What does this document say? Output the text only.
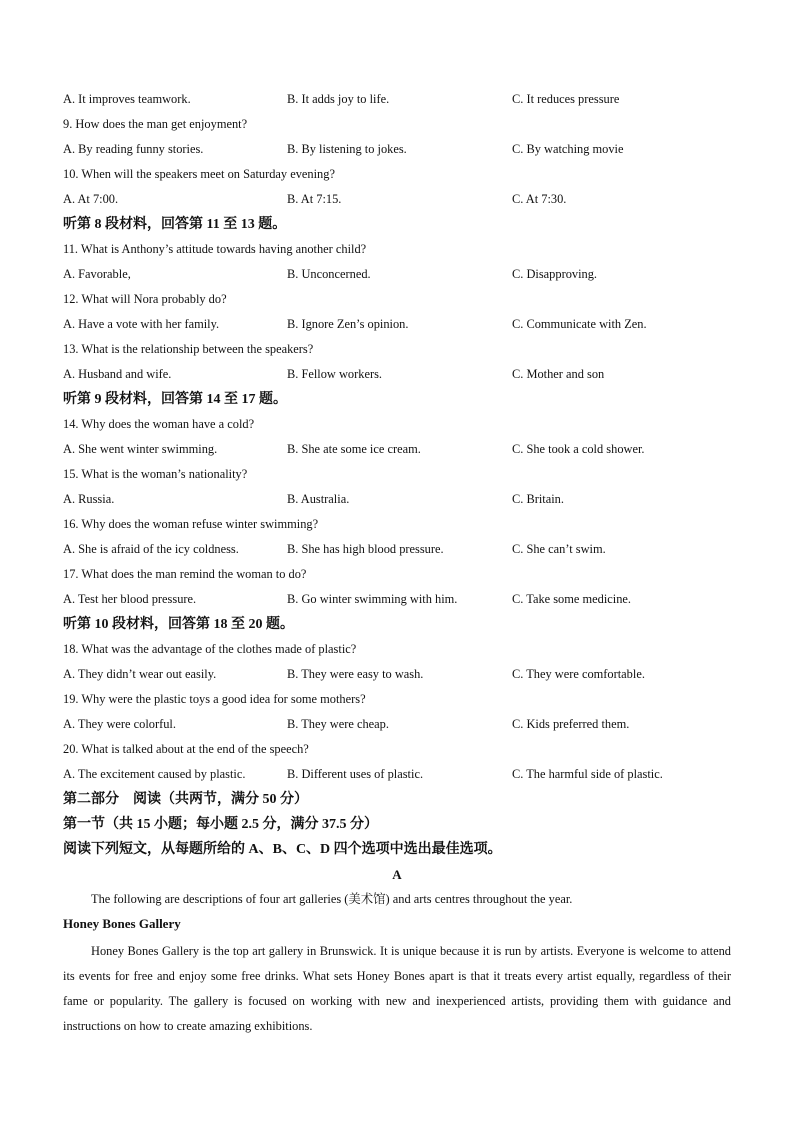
A. It improves teamwork.	B. It adds joy to life.	C. It reduces pressure
9. How does the man get enjoyment?
A. By reading funny stories.	B. By listening to jokes.	C. By watching movie
10. When will the speakers meet on Saturday evening?
A. At 7:00.	B. At 7:15.	C. At 7:30.
听第 8 段材料，回答第 11 至 13 题。
11. What is Anthony’s attitude towards having another child?
A. Favorable,	B. Unconcerned.	C. Disapproving.
12. What will Nora probably do?
A. Have a vote with her family.	B. Ignore Zen’s opinion.	C. Communicate with Zen.
13. What is the relationship between the speakers?
A. Husband and wife.	B. Fellow workers.	C. Mother and son
听第 9 段材料，回答第 14 至 17 题。
14. Why does the woman have a cold?
A. She went winter swimming.	B. She ate some ice cream.	C. She took a cold shower.
15. What is the woman’s nationality?
A. Russia.	B. Australia.	C. Britain.
16. Why does the woman refuse winter swimming?
A. She is afraid of the icy coldness.	B. She has high blood pressure.	C. She can’t swim.
17. What does the man remind the woman to do?
A. Test her blood pressure.	B. Go winter swimming with him.	C. Take some medicine.
听第 10 段材料，回答第 18 至 20 题。
18. What was the advantage of the clothes made of plastic?
A. They didn’t wear out easily.	B. They were easy to wash.	C. They were comfortable.
19. Why were the plastic toys a good idea for some mothers?
A. They were colorful.	B. They were cheap.	C. Kids preferred them.
20. What is talked about at the end of the speech?
A. The excitement caused by plastic.	B. Different uses of plastic.	C. The harmful side of plastic.
第二部分　阅读（共两节，满分 50 分）
第一节（共 15 小题；每小题 2.5 分，满分 37.5 分）
阅读下列短文，从每题所给的 A、B、C、D 四个选项中选出最佳选项。
A
The following are descriptions of four art galleries (美术馆) and arts centres throughout the year.
Honey Bones Gallery

Honey Bones Gallery is the top art gallery in Brunswick. It is unique because it is run by artists. Everyone is welcome to attend its events for free and enjoy some free drinks. What sets Honey Bones apart is that it treats every artist equally, regardless of their fame or popularity. The gallery is focused on working with new and inexperienced artists, providing them with guidance and instructions on how to create amazing exhibitions.
